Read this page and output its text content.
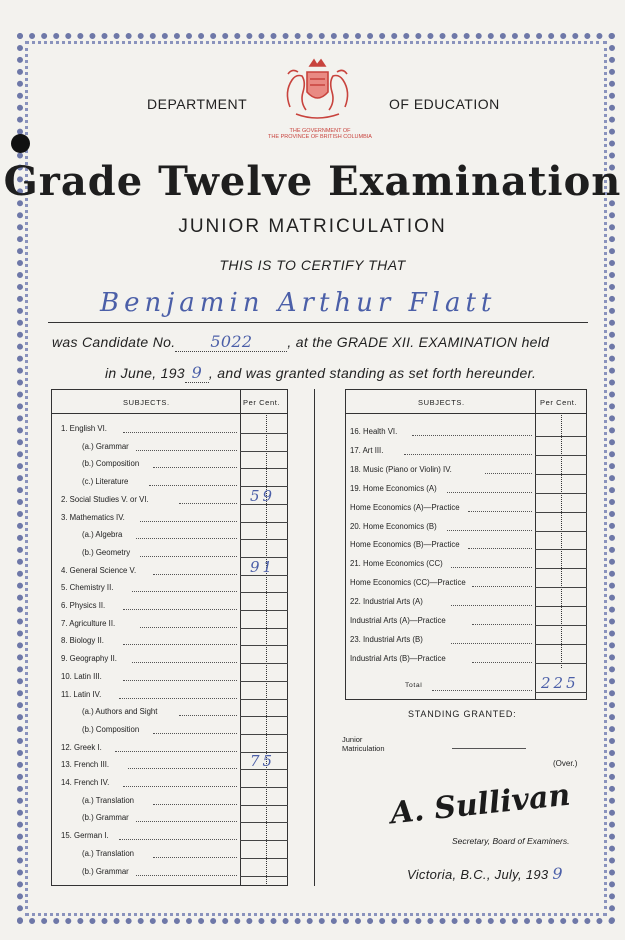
DEPARTMENT	OF EDUCATION
THE GOVERNMENT OF
THE PROVINCE OF BRITISH COLUMBIA
Grade Twelve Examination
JUNIOR MATRICULATION
THIS IS TO CERTIFY THAT
Benjamin Arthur Flatt
was Candidate No. 5022	, at the GRADE XII. EXAMINATION held
in June, 193 9 , and was granted standing as set forth hereunder.
SUBJECTS.	Per Cent.	SUBJECTS.	Per Cent.
1. English VI.
(a.) Grammar
(b.) Composition
(c.) Literature
2. Social Studies V. or VI.	59
3. Mathematics IV.
(a.) Algebra
(b.) Geometry
4. General Science V.	91
5. Chemistry II.
6. Physics II.
7. Agriculture II.
8. Biology II.
9. Geography II.
10. Latin III.
11. Latin IV.
(a.) Authors and Sight
(b.) Composition
12. Greek I.
13. French III.	75
14. French IV.
(a.) Translation
(b.) Grammar
15. German I.
(a.) Translation
(b.) Grammar
16. Health VI.
17. Art III.
18. Music (Piano or Violin) IV.
19. Home Economics (A)
Home Economics (A)—Practice
20. Home Economics (B)
Home Economics (B)—Practice
21. Home Economics (CC)
Home Economics (CC)—Practice
22. Industrial Arts (A)
Industrial Arts (A)—Practice
23. Industrial Arts (B)
Industrial Arts (B)—Practice
Total	225
STANDING GRANTED:
Junior
Matriculation
(Over.)
A. Sullivan
Secretary, Board of Examiners.
Victoria, B.C., July, 193 9
